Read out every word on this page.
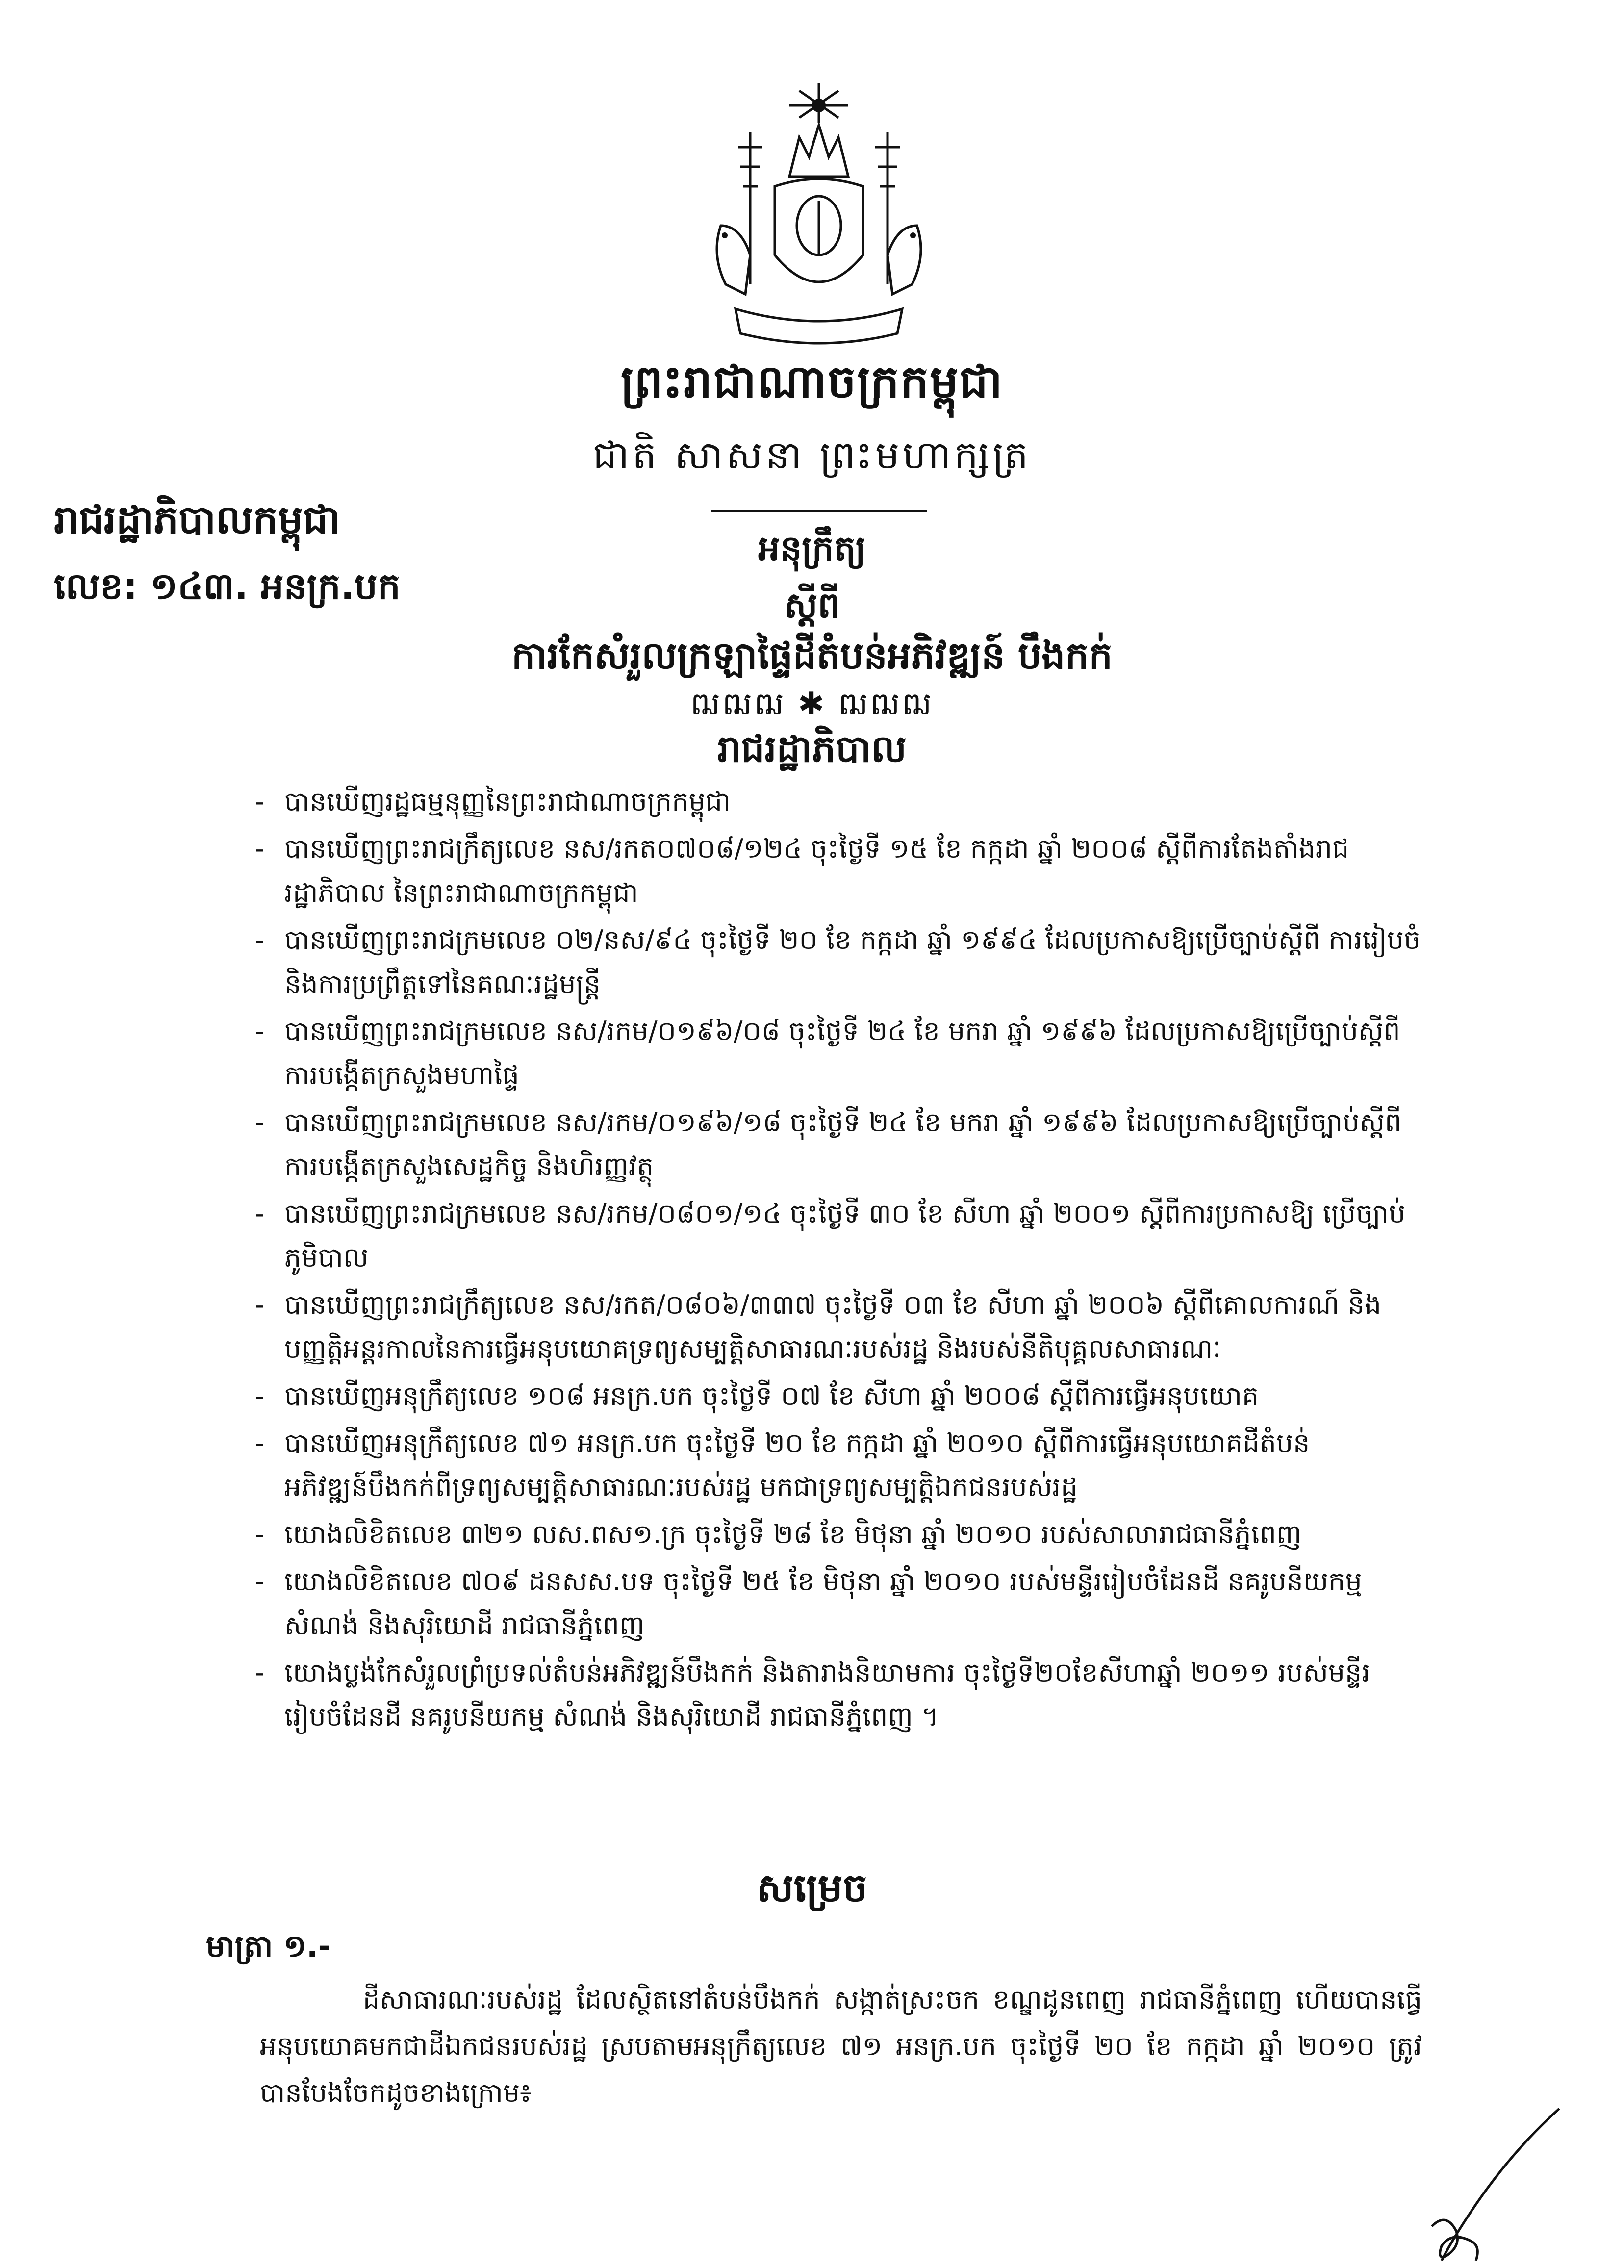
ព្រះរាជាណាចក្រកម្ពុជា
ជាតិ សាសនា ព្រះមហាក្សត្រ
រាជរដ្ឋាភិបាលកម្ពុជា
លេខ: ១៤៣. អនក្រ.បក
អនុក្រឹត្យ
ស្តីពី
ការកែសំរួលក្រឡាផ្ទៃដីតំបន់អភិវឌ្ឍន៍ បឹងកក់
ឍឍឍ ✱ ឍឍឍ
រាជរដ្ឋាភិបាល
- បានឃើញរដ្ឋធម្មនុញ្ញនៃព្រះរាជាណាចក្រកម្ពុជា
- បានឃើញព្រះរាជក្រឹត្យលេខ នស/រកត០៧០៨/១២៤ ចុះថ្ងៃទី ១៥ ខែ កក្កដា ឆ្នាំ ២០០៨ ស្តីពីការតែងតាំងរាជរដ្ឋាភិបាល នៃព្រះរាជាណាចក្រកម្ពុជា
- បានឃើញព្រះរាជក្រមលេខ ០២/នស/៩៤ ចុះថ្ងៃទី ២០ ខែ កក្កដា ឆ្នាំ ១៩៩៤ ដែលប្រកាសឱ្យប្រើច្បាប់ស្តីពី ការរៀបចំ និងការប្រព្រឹត្តទៅនៃគណៈរដ្ឋមន្ត្រី
- បានឃើញព្រះរាជក្រមលេខ នស/រកម/០១៩៦/០៨ ចុះថ្ងៃទី ២៤ ខែ មករា ឆ្នាំ ១៩៩៦ ដែលប្រកាសឱ្យប្រើច្បាប់ស្តីពីការបង្កើតក្រសួងមហាផ្ទៃ
- បានឃើញព្រះរាជក្រមលេខ នស/រកម/០១៩៦/១៨ ចុះថ្ងៃទី ២៤ ខែ មករា ឆ្នាំ ១៩៩៦ ដែលប្រកាសឱ្យប្រើច្បាប់ស្តីពីការបង្កើតក្រសួងសេដ្ឋកិច្ច និងហិរញ្ញវត្ថុ
- បានឃើញព្រះរាជក្រមលេខ នស/រកម/០៨០១/១៤ ចុះថ្ងៃទី ៣០ ខែ សីហា ឆ្នាំ ២០០១ ស្តីពីការប្រកាសឱ្យ ប្រើច្បាប់ភូមិបាល
- បានឃើញព្រះរាជក្រឹត្យលេខ នស/រកត/០៨០៦/៣៣៧ ចុះថ្ងៃទី ០៣ ខែ សីហា ឆ្នាំ ២០០៦ ស្តីពីគោលការណ៍ និងបញ្ញត្តិអន្តរកាលនៃការធ្វើអនុបយោគទ្រព្យសម្បត្តិសាធារណៈរបស់រដ្ឋ និងរបស់នីតិបុគ្គលសាធារណៈ
- បានឃើញអនុក្រឹត្យលេខ ១០៨ អនក្រ.បក ចុះថ្ងៃទី ០៧ ខែ សីហា ឆ្នាំ ២០០៨ ស្តីពីការធ្វើអនុបយោគ
- បានឃើញអនុក្រឹត្យលេខ ៧១ អនក្រ.បក ចុះថ្ងៃទី ២០ ខែ កក្កដា ឆ្នាំ ២០១០ ស្តីពីការធ្វើអនុបយោគដីតំបន់ អភិវឌ្ឍន៍បឹងកក់ពីទ្រព្យសម្បត្តិសាធារណៈរបស់រដ្ឋ មកជាទ្រព្យសម្បត្តិឯកជនរបស់រដ្ឋ
- យោងលិខិតលេខ ៣២១ លស.ពស១.ក្រ ចុះថ្ងៃទី ២៨ ខែ មិថុនា ឆ្នាំ ២០១០ របស់សាលារាជធានីភ្នំពេញ
- យោងលិខិតលេខ ៧០៩ ដនសស.បទ ចុះថ្ងៃទី ២៥ ខែ មិថុនា ឆ្នាំ ២០១០ របស់មន្ទីររៀបចំដែនដី នគរូបនីយកម្ម សំណង់ និងសុរិយោដី រាជធានីភ្នំពេញ
- យោងប្លង់កែសំរួលព្រំប្រទល់តំបន់អភិវឌ្ឍន៍បឹងកក់ និងតារាងនិយាមការ ចុះថ្ងៃទី២០ខែសីហាឆ្នាំ ២០១១ របស់មន្ទីររៀបចំដែនដី នគរូបនីយកម្ម សំណង់ និងសុរិយោដី រាជធានីភ្នំពេញ ។
សម្រេច
មាត្រា ១.-
ដីសាធារណៈរបស់រដ្ឋ ដែលស្ថិតនៅតំបន់បឹងកក់ សង្កាត់ស្រះចក ខណ្ឌដូនពេញ រាជធានីភ្នំពេញ ហើយបានធ្វើអនុបយោគមកជាដីឯកជនរបស់រដ្ឋ ស្របតាមអនុក្រឹត្យលេខ ៧១ អនក្រ.បក ចុះថ្ងៃទី ២០ ខែ កក្កដា ឆ្នាំ ២០១០ ត្រូវបានបែងចែកដូចខាងក្រោម៖
